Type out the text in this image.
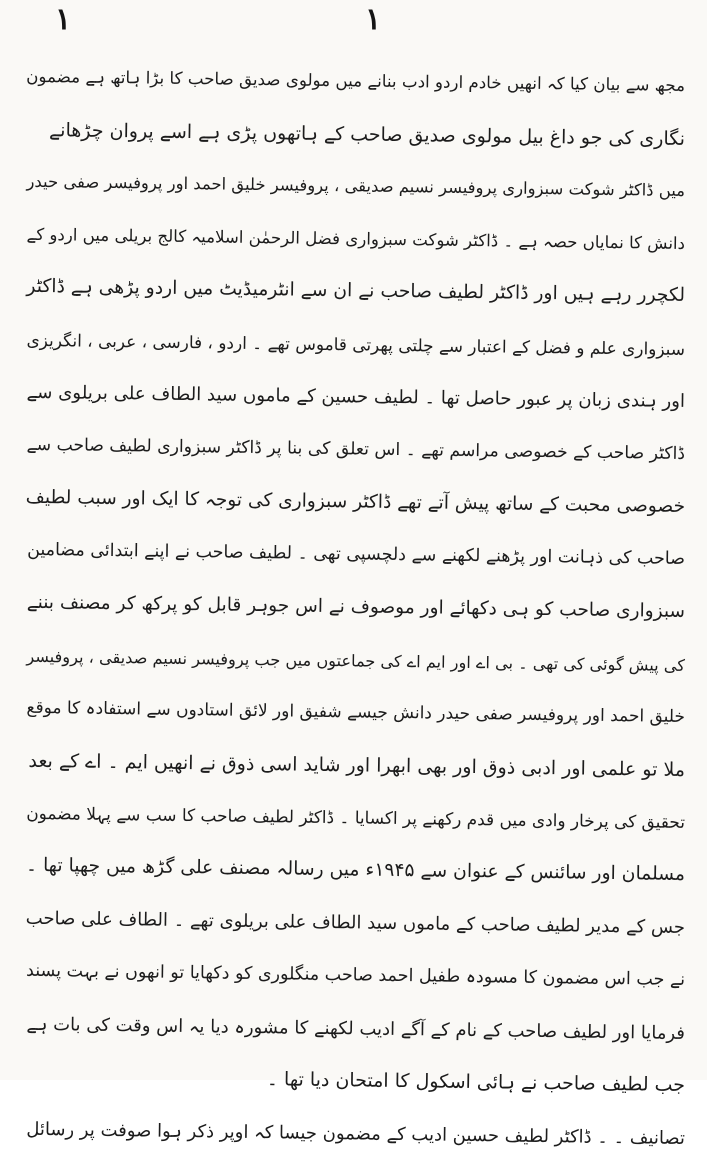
۱	۱
مجھ سے بیان کیا کہ انھیں خادم اردو ادب بنانے میں مولوی صدیق صاحب کا بڑا ہاتھ ہے مضمون
نگاری کی جو داغ بیل مولوی صدیق صاحب کے ہاتھوں پڑی ہے اسے پروان چڑھانے
میں ڈاکٹر شوکت سبزواری پروفیسر نسیم صدیقی ، پروفیسر خلیق احمد اور پروفیسر صفی حیدر
دانش کا نمایاں حصہ ہے ۔ ڈاکٹر شوکت سبزواری فضل الرحمٰن اسلامیہ کالج بریلی میں اردو کے
لکچرر رہے ہیں اور ڈاکٹر لطیف صاحب نے ان سے انٹرمیڈیٹ میں اردو پڑھی ہے ڈاکٹر
سبزواری علم و فضل کے اعتبار سے چلتی پھرتی قاموس تھے ۔ اردو ، فارسی ، عربی ، انگریزی
اور ہندی زبان پر عبور حاصل تھا ۔ لطیف حسین کے ماموں سید الطاف علی بریلوی سے
ڈاکٹر صاحب کے خصوصی مراسم تھے ۔ اس تعلق کی بنا پر ڈاکٹر سبزواری لطیف صاحب سے
خصوصی محبت کے ساتھ پیش آتے تھے ڈاکٹر سبزواری کی توجہ کا ایک اور سبب لطیف
صاحب کی ذہانت اور پڑھنے لکھنے سے دلچسپی تھی ۔ لطیف صاحب نے اپنے ابتدائی مضامین
سبزواری صاحب کو ہی دکھائے اور موصوف نے اس جوہر قابل کو پرکھ کر مصنف بننے
کی پیش گوئی کی تھی ۔ بی اے اور ایم اے کی جماعتوں میں جب پروفیسر نسیم صدیقی ، پروفیسر
خلیق احمد اور پروفیسر صفی حیدر دانش جیسے شفیق اور لائق استادوں سے استفادہ کا موقع
ملا تو علمی اور ادبی ذوق اور بھی ابھرا اور شاید اسی ذوق نے انھیں ایم ۔ اے کے بعد
تحقیق کی پرخار وادی میں قدم رکھنے پر اکسایا ۔ ڈاکٹر لطیف صاحب کا سب سے پہلا مضمون
مسلمان اور سائنس کے عنوان سے ۱۹۴۵ء میں رسالہ مصنف علی گڑھ میں چھپا تھا ۔
جس کے مدیر لطیف صاحب کے ماموں سید الطاف علی بریلوی تھے ۔ الطاف علی صاحب
نے جب اس مضمون کا مسودہ طفیل احمد صاحب منگلوری کو دکھایا تو انھوں نے بہت پسند
فرمایا اور لطیف صاحب کے نام کے آگے ادیب لکھنے کا مشورہ دیا یہ اس وقت کی بات ہے
جب لطیف صاحب نے ہائی اسکول کا امتحان دیا تھا ۔
تصانیف ۔ ۔ ڈاکٹر لطیف حسین ادیب کے مضمون جیسا کہ اوپر ذکر ہوا صوفت پر رسائل
